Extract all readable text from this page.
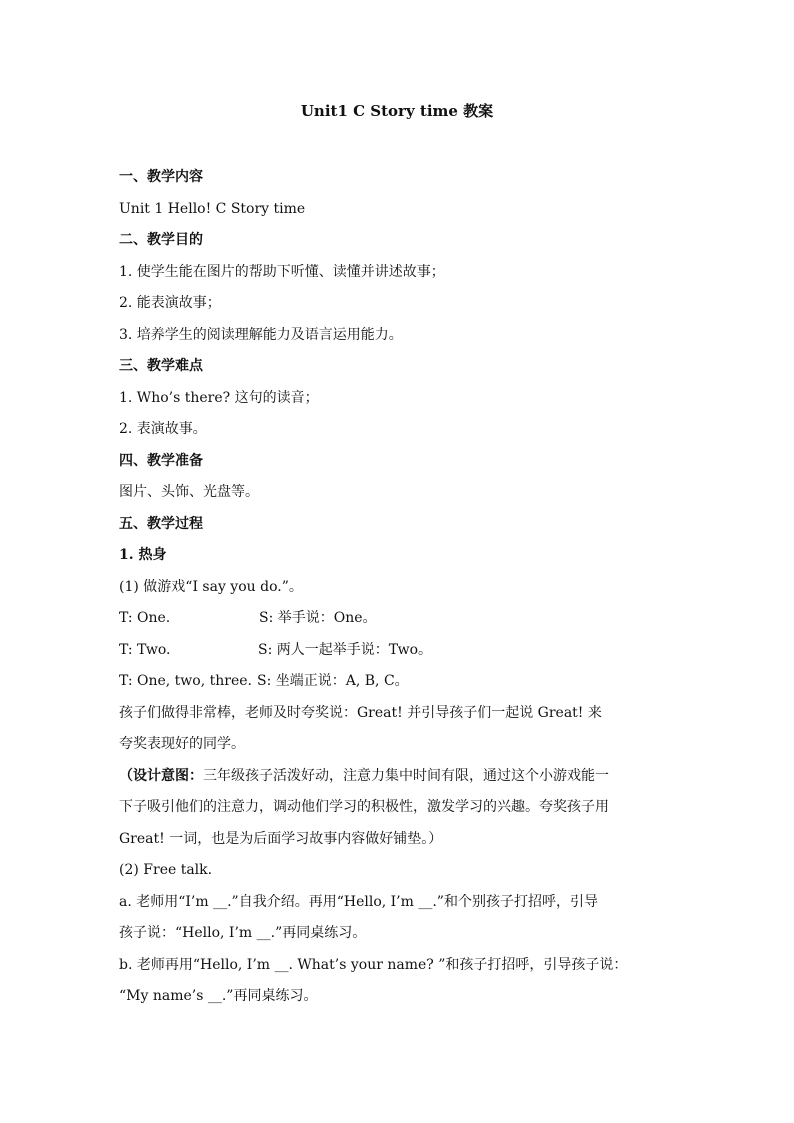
Unit1 C Story time 教案
一、教学内容
Unit 1 Hello! C Story time
二、教学目的
1. 使学生能在图片的帮助下听懂、读懂并讲述故事；
2. 能表演故事；
3. 培养学生的阅读理解能力及语言运用能力。
三、教学难点
1. Who’s there? 这句的读音；
2. 表演故事。
四、教学准备
图片、头饰、光盘等。
五、教学过程
1. 热身
(1) 做游戏“I say you do.”。
T: One.	S: 举手说：One。
T: Two.	S: 两人一起举手说：Two。
T: One, two, three. S: 坐端正说：A, B, C。
孩子们做得非常棒，老师及时夸奖说：Great! 并引导孩子们一起说 Great! 来
夸奖表现好的同学。
（设计意图：三年级孩子活泼好动，注意力集中时间有限，通过这个小游戏能一
下子吸引他们的注意力，调动他们学习的积极性，激发学习的兴趣。夸奖孩子用
Great! 一词，也是为后面学习故事内容做好铺垫。）
(2) Free talk.
a. 老师用“I’m __.”自我介绍。再用“Hello, I’m __.”和个别孩子打招呼，引导
孩子说：“Hello, I’m __.”再同桌练习。
b. 老师再用“Hello, I’m __. What’s your name? ”和孩子打招呼，引导孩子说：
“My name’s __.”再同桌练习。
